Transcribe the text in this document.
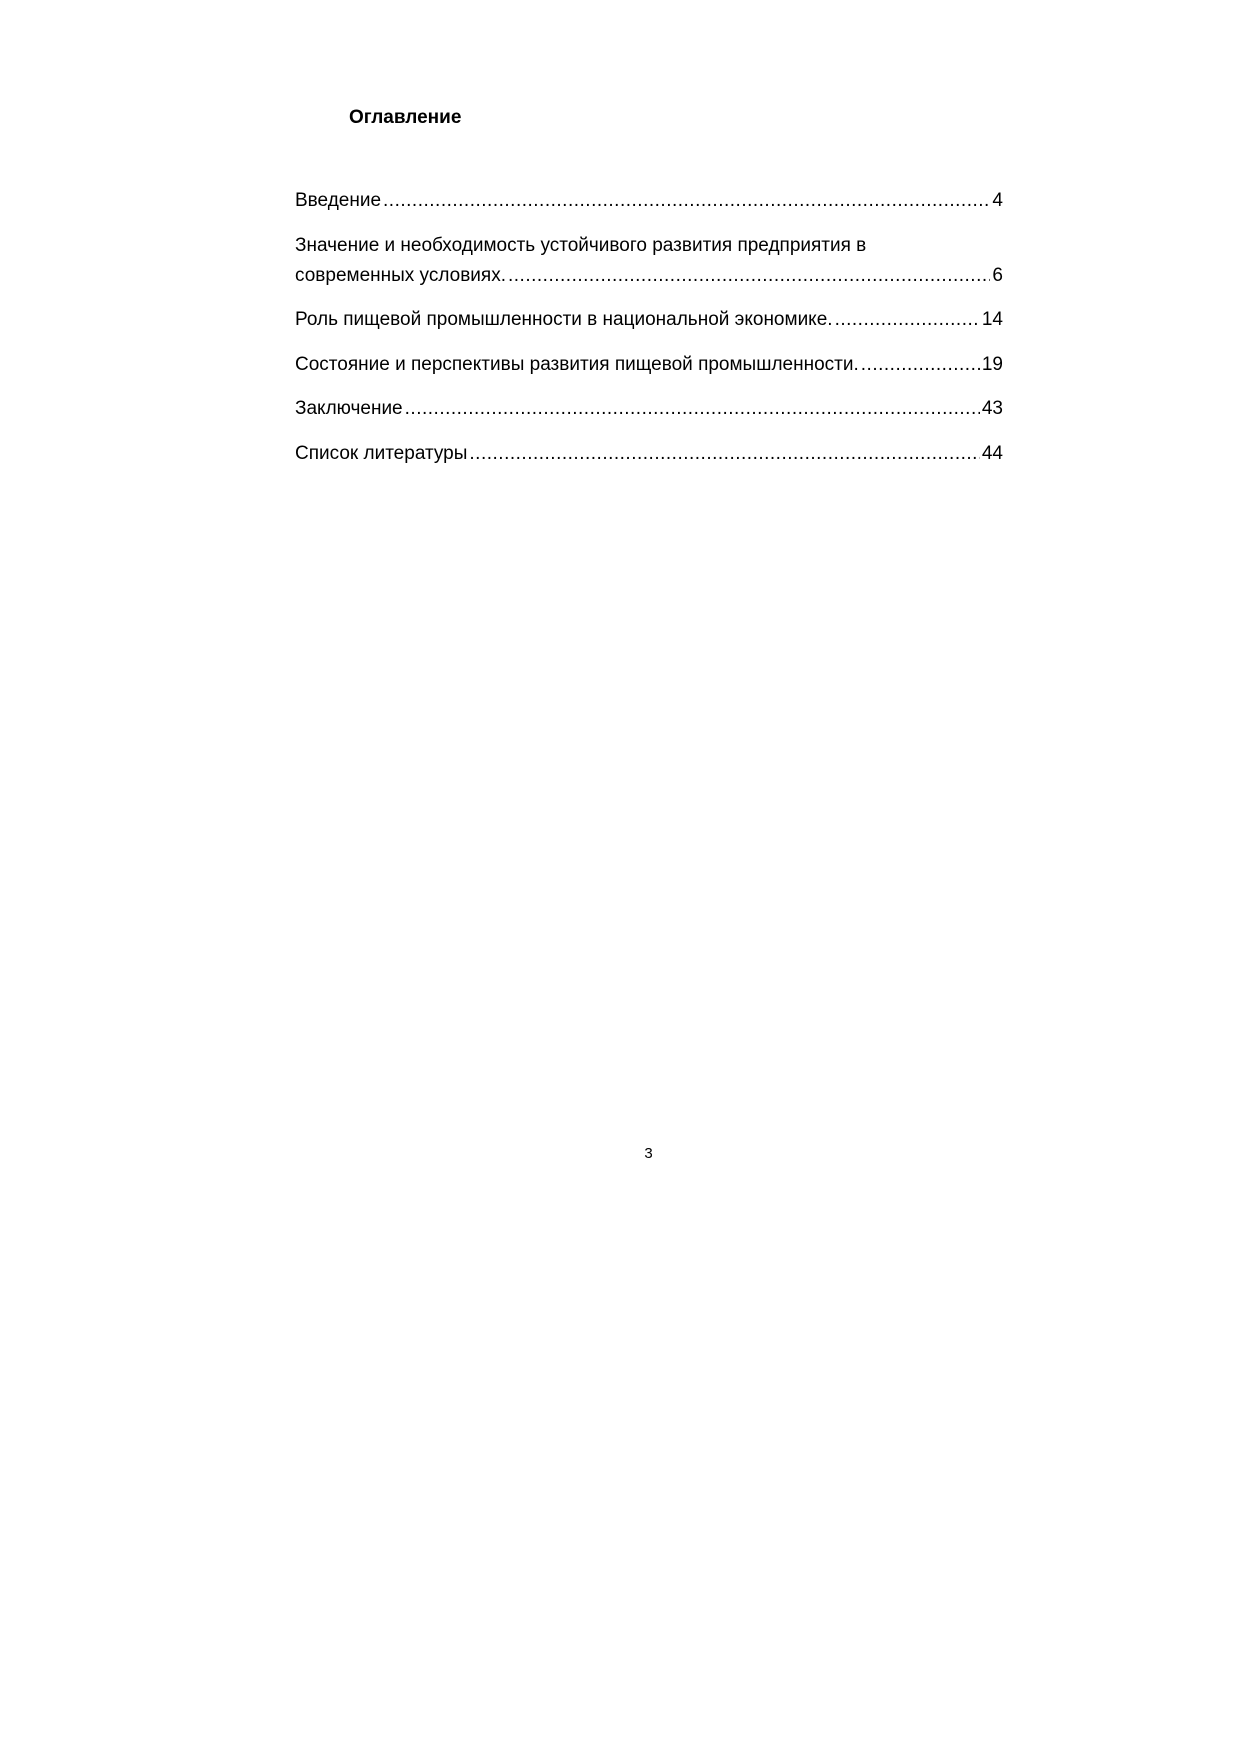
Оглавление
Введение .....	4
Значение и необходимость устойчивого развития предприятия в
современных условиях. .....	6
Роль пищевой промышленности в национальной экономике. .....	14
Состояние и перспективы развития пищевой промышленности. .....	19
Заключение .....	43
Список литературы .....	44
3
